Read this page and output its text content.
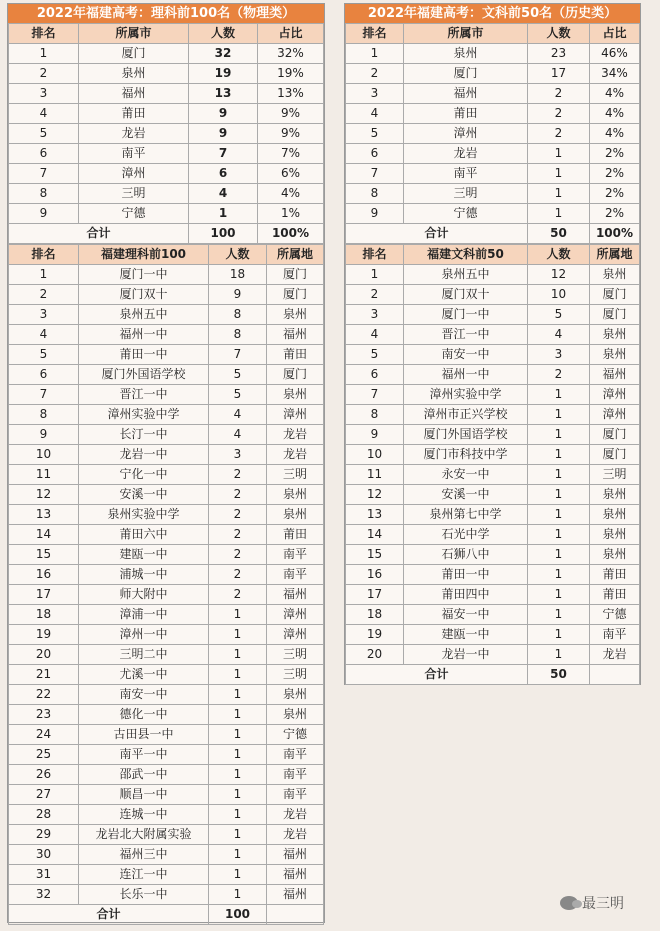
2022年福建高考：理科前100名（物理类）
排名	所属市	人数	占比
1	厦门	32	32%
2	泉州	19	19%
3	福州	13	13%
4	莆田	9	9%
5	龙岩	9	9%
6	南平	7	7%
7	漳州	6	6%
8	三明	4	4%
9	宁德	1	1%
合计		100	100%
排名	福建理科前100	人数	所属地
1	厦门一中	18	厦门
2	厦门双十	9	厦门
3	泉州五中	8	泉州
4	福州一中	8	福州
5	莆田一中	7	莆田
6	厦门外国语学校	5	厦门
7	晋江一中	5	泉州
8	漳州实验中学	4	漳州
9	长汀一中	4	龙岩
10	龙岩一中	3	龙岩
11	宁化一中	2	三明
12	安溪一中	2	泉州
13	泉州实验中学	2	泉州
14	莆田六中	2	莆田
15	建瓯一中	2	南平
16	浦城一中	2	南平
17	师大附中	2	福州
18	漳浦一中	1	漳州
19	漳州一中	1	漳州
20	三明二中	1	三明
21	尤溪一中	1	三明
22	南安一中	1	泉州
23	德化一中	1	泉州
24	古田县一中	1	宁德
25	南平一中	1	南平
26	邵武一中	1	南平
27	顺昌一中	1	南平
28	连城一中	1	龙岩
29	龙岩北大附属实验	1	龙岩
30	福州三中	1	福州
31	连江一中	1	福州
32	长乐一中	1	福州
合计		100	
2022年福建高考：文科前50名（历史类）
排名	所属市	人数	占比
1	泉州	23	46%
2	厦门	17	34%
3	福州	2	4%
4	莆田	2	4%
5	漳州	2	4%
6	龙岩	1	2%
7	南平	1	2%
8	三明	1	2%
9	宁德	1	2%
合计		50	100%
排名	福建文科前50	人数	所属地
1	泉州五中	12	泉州
2	厦门双十	10	厦门
3	厦门一中	5	厦门
4	晋江一中	4	泉州
5	南安一中	3	泉州
6	福州一中	2	福州
7	漳州实验中学	1	漳州
8	漳州市正兴学校	1	漳州
9	厦门外国语学校	1	厦门
10	厦门市科技中学	1	厦门
11	永安一中	1	三明
12	安溪一中	1	泉州
13	泉州第七中学	1	泉州
14	石光中学	1	泉州
15	石狮八中	1	泉州
16	莆田一中	1	莆田
17	莆田四中	1	莆田
18	福安一中	1	宁德
19	建瓯一中	1	南平
20	龙岩一中	1	龙岩
合计		50	
最三明
